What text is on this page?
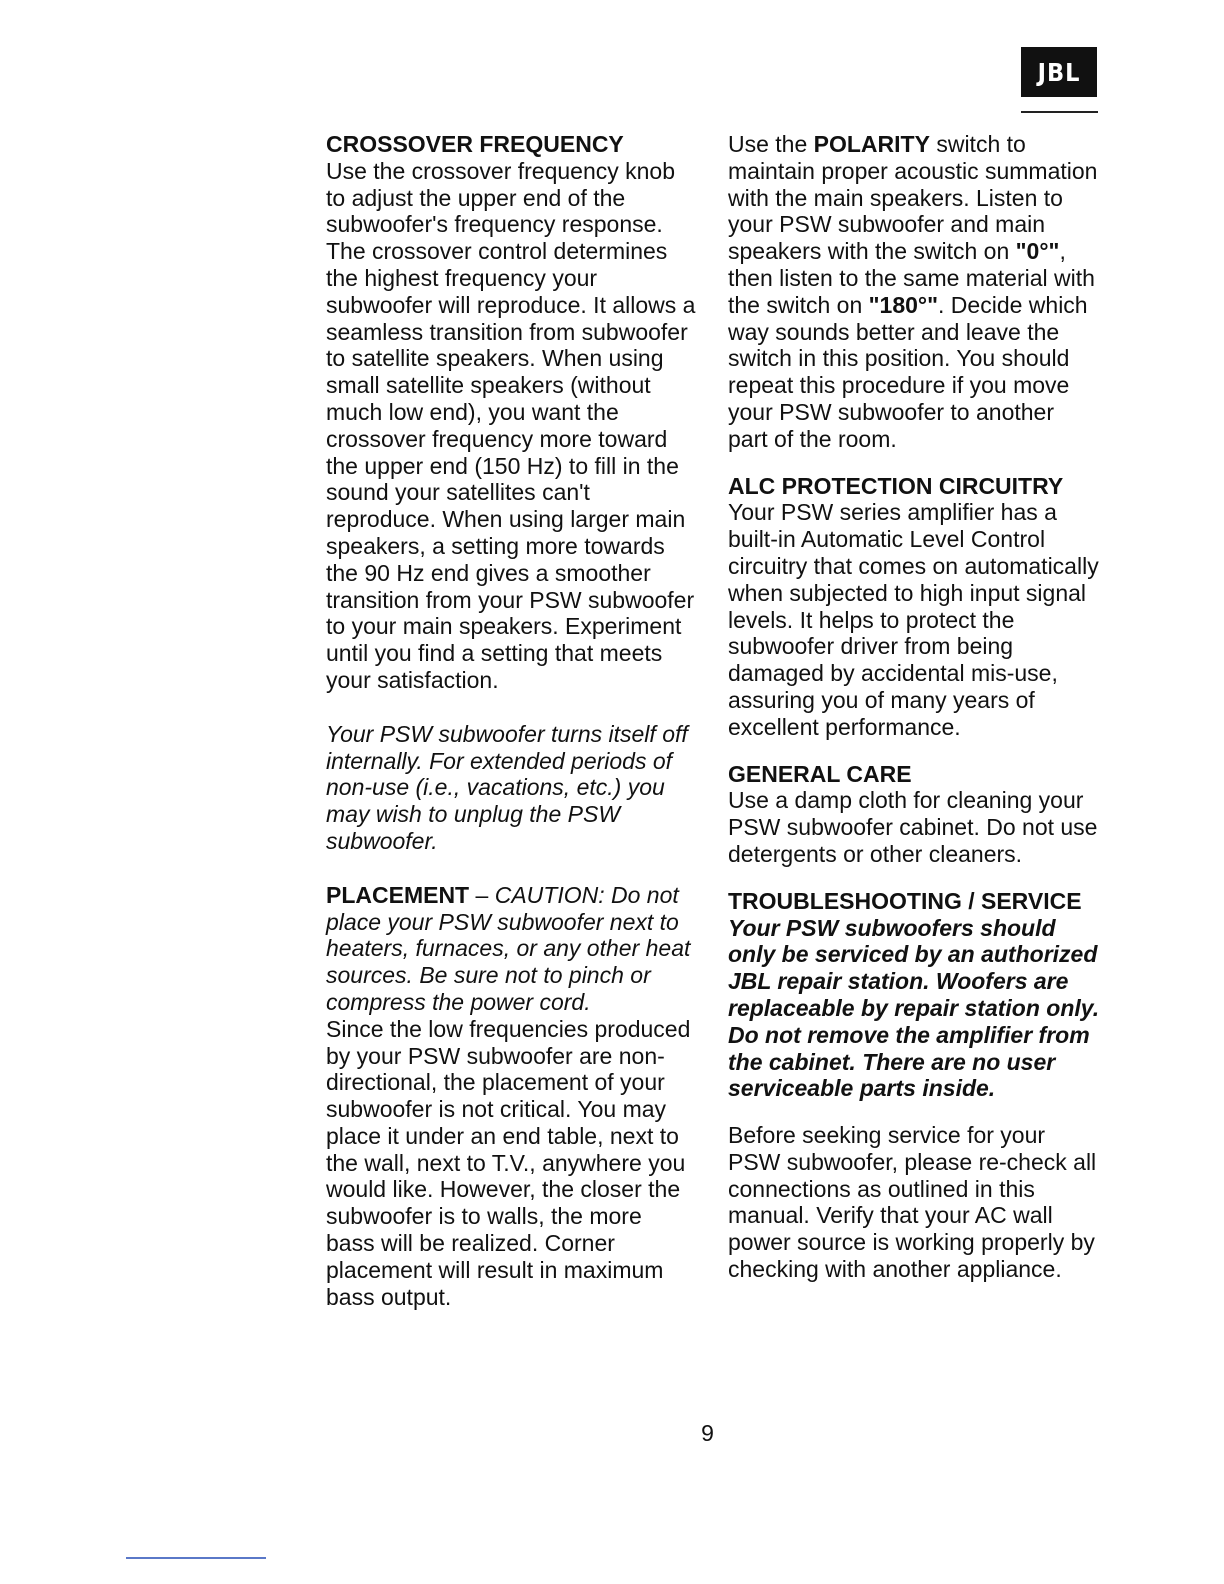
JBL

CROSSOVER FREQUENCY

Use the crossover frequency knob to adjust the upper end of the subwoofer's frequency response. The crossover control determines the highest frequency your subwoofer will reproduce. It allows a seamless transition from subwoofer to satellite speakers. When using small satellite speakers (without much low end), you want the crossover frequency more toward the upper end (150 Hz) to fill in the sound your satellites can't reproduce. When using larger main speakers, a setting more towards the 90 Hz end gives a smoother transition from your PSW subwoofer to your main speakers. Experiment until you find a setting that meets your satisfaction.

Your PSW subwoofer turns itself off internally. For extended periods of non-use (i.e., vacations, etc.) you may wish to unplug the PSW subwoofer.

PLACEMENT – CAUTION: Do not place your PSW subwoofer next to heaters, furnaces, or any other heat sources. Be sure not to pinch or compress the power cord.

Since the low frequencies produced by your PSW subwoofer are non-directional, the placement of your subwoofer is not critical. You may place it under an end table, next to the wall, next to T.V., anywhere you would like. However, the closer the subwoofer is to walls, the more bass will be realized. Corner placement will result in maximum bass output.

Use the POLARITY switch to maintain proper acoustic summation with the main speakers. Listen to your PSW subwoofer and main speakers with the switch on "0°", then listen to the same material with the switch on "180°". Decide which way sounds better and leave the switch in this position. You should repeat this procedure if you move your PSW subwoofer to another part of the room.

ALC PROTECTION CIRCUITRY

Your PSW series amplifier has a built-in Automatic Level Control circuitry that comes on automatically when subjected to high input signal levels. It helps to protect the subwoofer driver from being damaged by accidental mis-use, assuring you of many years of excellent performance.

GENERAL CARE

Use a damp cloth for cleaning your PSW subwoofer cabinet. Do not use detergents or other cleaners.

TROUBLESHOOTING / SERVICE

Your PSW subwoofers should only be serviced by an authorized JBL repair station. Woofers are replaceable by repair station only. Do not remove the amplifier from the cabinet. There are no user serviceable parts inside.

Before seeking service for your PSW subwoofer, please re-check all connections as outlined in this manual. Verify that your AC wall power source is working properly by checking with another appliance.

9
